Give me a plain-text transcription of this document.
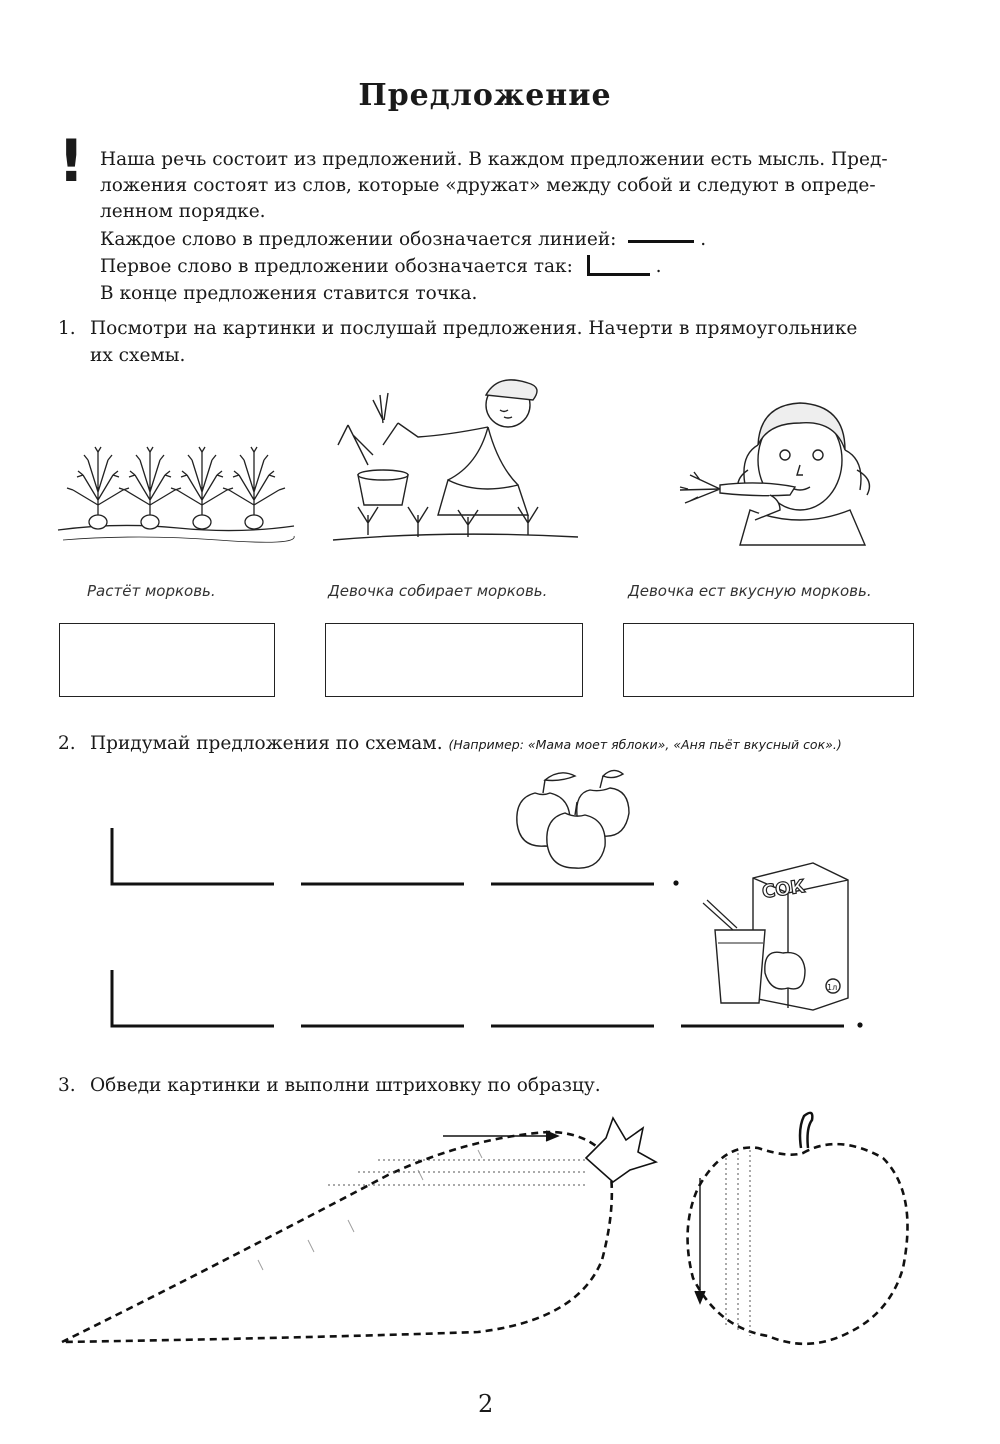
Предложение
! Наша речь состоит из предложений. В каждом предложении есть мысль. Пред-
ложения состоят из слов, которые «дружат» между собой и следуют в опреде-
ленном порядке.
Каждое слово в предложении обозначается линией:	.
Первое слово в предложении обозначается так:	.
В конце предложения ставится точка.
1. Посмотри на картинки и послушай предложения. Начерти в прямоугольнике
их схемы.
Растёт морковь.	Девочка собирает морковь.	Девочка ест вкусную морковь.
2. Придумай предложения по схемам. (Например: «Мама моет яблоки», «Аня пьёт вкусный сок».)
СОК
1л
3. Обведи картинки и выполни штриховку по образцу.
2
